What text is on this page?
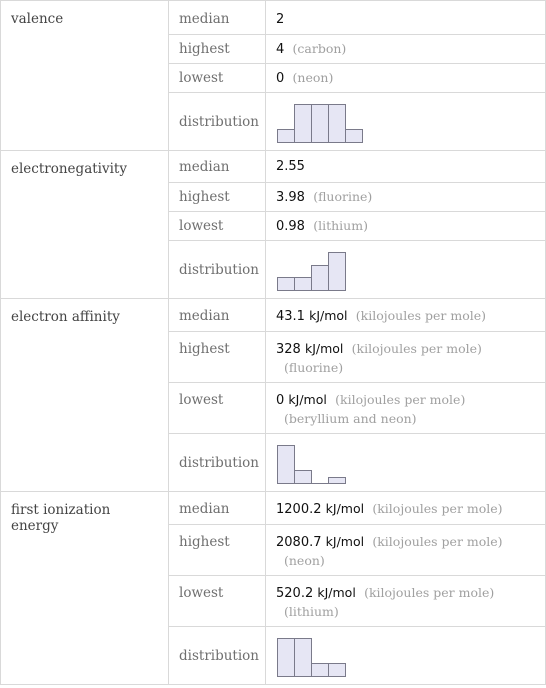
valence	median	2
	highest	4 (carbon)
	lowest	0 (neon)
	distribution	

electronegativity	median	2.55
	highest	3.98 (fluorine)
	lowest	0.98 (lithium)
	distribution	

electron affinity	median	43.1 kJ/mol (kilojoules per mole)
	highest	328 kJ/mol (kilojoules per mole)
(fluorine)

	lowest	0 kJ/mol (kilojoules per mole)
(beryllium and neon)

	distribution	

first ionization energy	median	1200.2 kJ/mol (kilojoules per mole)
	highest	2080.7 kJ/mol (kilojoules per mole)
(neon)

	lowest	520.2 kJ/mol (kilojoules per mole)
(lithium)

	distribution	
